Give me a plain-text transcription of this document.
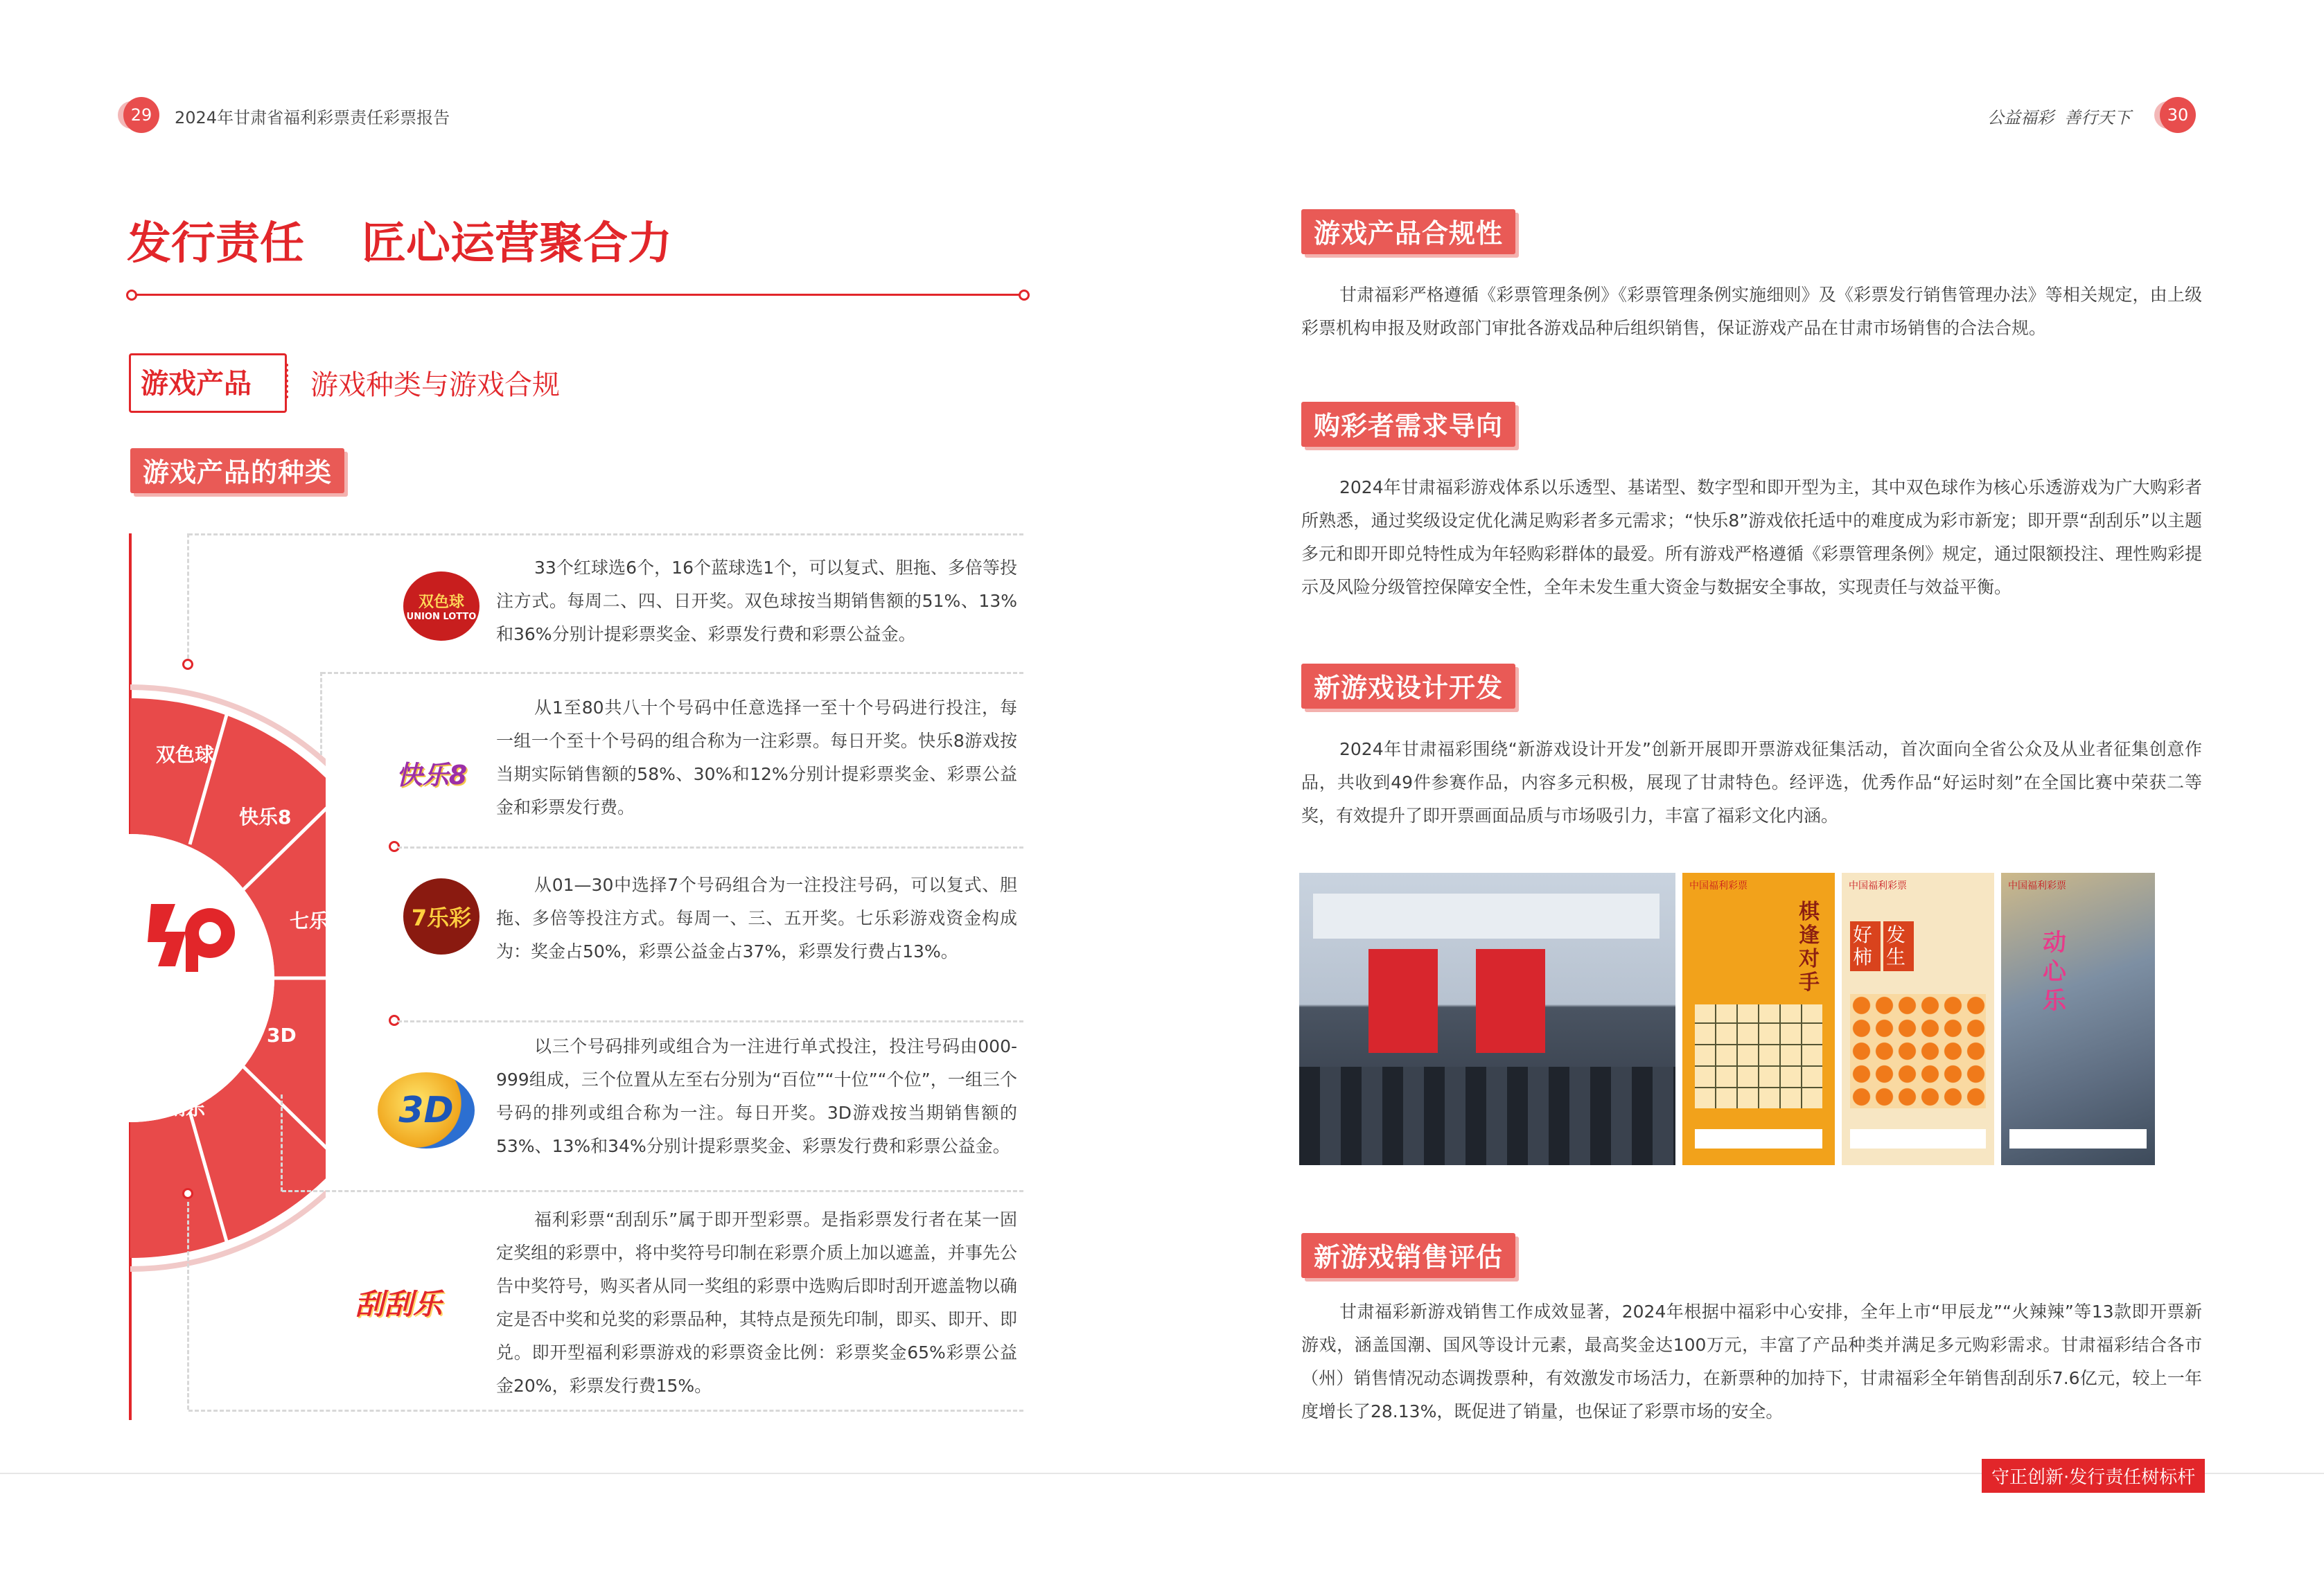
29	2024年甘肃省福利彩票责任彩票报告	公益福彩  善行天下	30
发行责任 匠心运营聚合力
游戏产品 游戏种类与游戏合规
游戏产品的种类
双色球
快乐8
七乐彩
3D
刮刮乐
双色球
UNION LOTTO
快乐8
7乐彩
3D
刮刮乐
33个红球选6个，16个蓝球选1个，可以复式、胆拖、多倍等投注方式。每周二、四、日开奖。双色球按当期销售额的51%、13%和36%分别计提彩票奖金、彩票发行费和彩票公益金。
从1至80共八十个号码中任意选择一至十个号码进行投注，每一组一个至十个号码的组合称为一注彩票。每日开奖。快乐8游戏按当期实际销售额的58%、30%和12%分别计提彩票奖金、彩票公益金和彩票发行费。
从01—30中选择7个号码组合为一注投注号码，可以复式、胆拖、多倍等投注方式。每周一、三、五开奖。七乐彩游戏资金构成为：奖金占50%，彩票公益金占37%，彩票发行费占13%。
以三个号码排列或组合为一注进行单式投注，投注号码由000-999组成，三个位置从左至右分别为“百位”“十位”“个位”，一组三个号码的排列或组合称为一注。每日开奖。3D游戏按当期销售额的53%、13%和34%分别计提彩票奖金、彩票发行费和彩票公益金。
福利彩票“刮刮乐”属于即开型彩票。是指彩票发行者在某一固定奖组的彩票中，将中奖符号印制在彩票介质上加以遮盖，并事先公告中奖符号，购买者从同一奖组的彩票中选购后即时刮开遮盖物以确定是否中奖和兑奖的彩票品种，其特点是预先印制，即买、即开、即兑。即开型福利彩票游戏的彩票资金比例：彩票奖金65%彩票公益金20%，彩票发行费15%。
游戏产品合规性
甘肃福彩严格遵循《彩票管理条例》《彩票管理条例实施细则》及《彩票发行销售管理办法》等相关规定，由上级彩票机构申报及财政部门审批各游戏品种后组织销售，保证游戏产品在甘肃市场销售的合法合规。
购彩者需求导向
2024年甘肃福彩游戏体系以乐透型、基诺型、数字型和即开型为主，其中双色球作为核心乐透游戏为广大购彩者所熟悉，通过奖级设定优化满足购彩者多元需求；“快乐8”游戏依托适中的难度成为彩市新宠；即开票“刮刮乐”以主题多元和即开即兑特性成为年轻购彩群体的最爱。所有游戏严格遵循《彩票管理条例》规定，通过限额投注、理性购彩提示及风险分级管控保障安全性，全年未发生重大资金与数据安全事故，实现责任与效益平衡。
新游戏设计开发
2024年甘肃福彩围绕“新游戏设计开发”创新开展即开票游戏征集活动，首次面向全省公众及从业者征集创意作品，共收到49件参赛作品，内容多元积极，展现了甘肃特色。经评选，优秀作品“好运时刻”在全国比赛中荣获二等奖，有效提升了即开票画面品质与市场吸引力，丰富了福彩文化内涵。
中国福利彩票
棋逢对手
中国福利彩票
好柿
发生
中国福利彩票
动心乐
新游戏销售评估
甘肃福彩新游戏销售工作成效显著，2024年根据中福彩中心安排，全年上市“甲辰龙”“火辣辣”等13款即开票新游戏，涵盖国潮、国风等设计元素，最高奖金达100万元，丰富了产品种类并满足多元购彩需求。甘肃福彩结合各市（州）销售情况动态调拨票种，有效激发市场活力，在新票种的加持下，甘肃福彩全年销售刮刮乐7.6亿元，较上一年度增长了28.13%，既促进了销量，也保证了彩票市场的安全。
守正创新·发行责任树标杆
